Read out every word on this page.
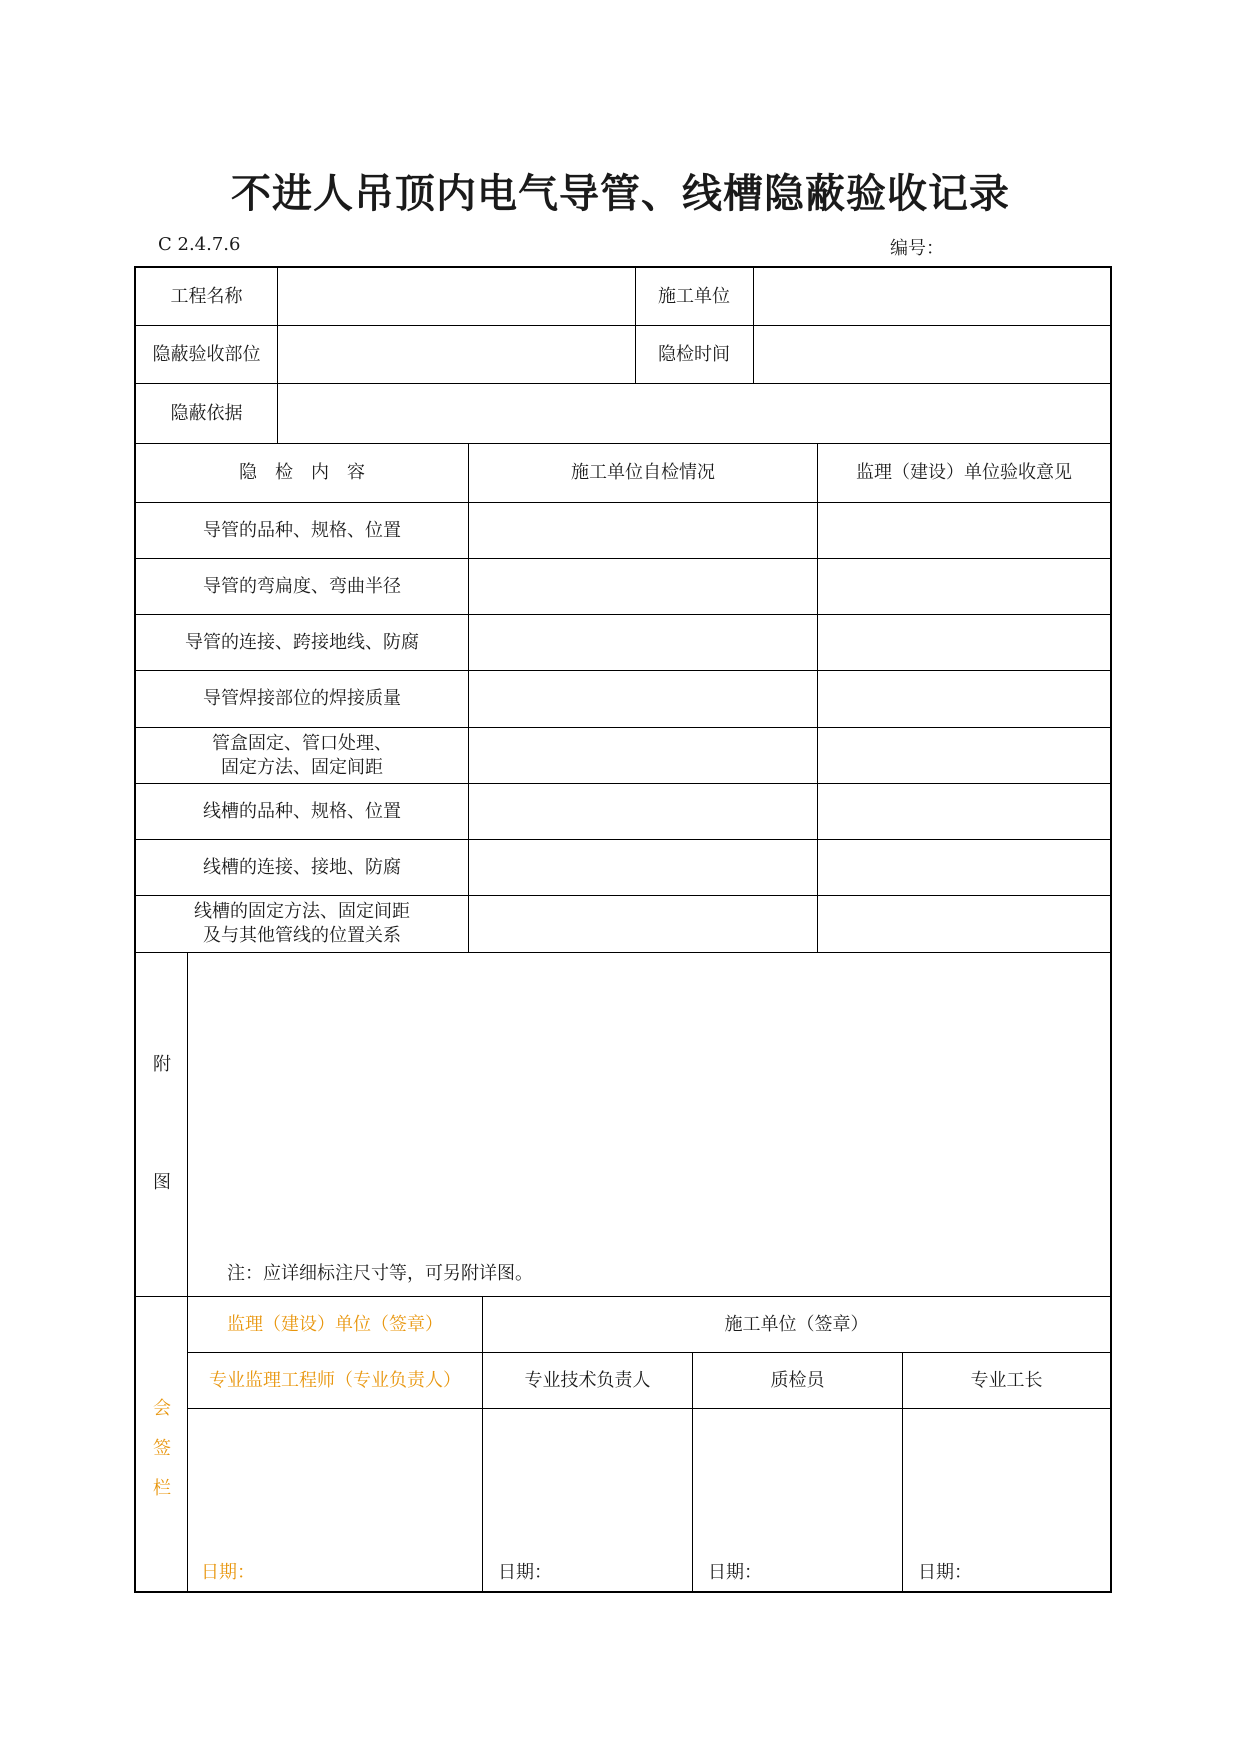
不进人吊顶内电气导管、线槽隐蔽验收记录
C 2.4.7.6	编号：
工程名称	施工单位
隐蔽验收部位	隐检时间
隐蔽依据
隐　检　内　容	施工单位自检情况	监理（建设）单位验收意见
导管的品种、规格、位置
导管的弯扁度、弯曲半径
导管的连接、跨接地线、防腐
导管焊接部位的焊接质量
管盒固定、管口处理、
固定方法、固定间距
线槽的品种、规格、位置
线槽的连接、接地、防腐
线槽的固定方法、固定间距
及与其他管线的位置关系
附
图
注：应详细标注尺寸等，可另附详图。
会
签
栏
监理（建设）单位（签章）	施工单位（签章）
专业监理工程师（专业负责人）	专业技术负责人	质检员	专业工长
日期：	日期：	日期：	日期：
